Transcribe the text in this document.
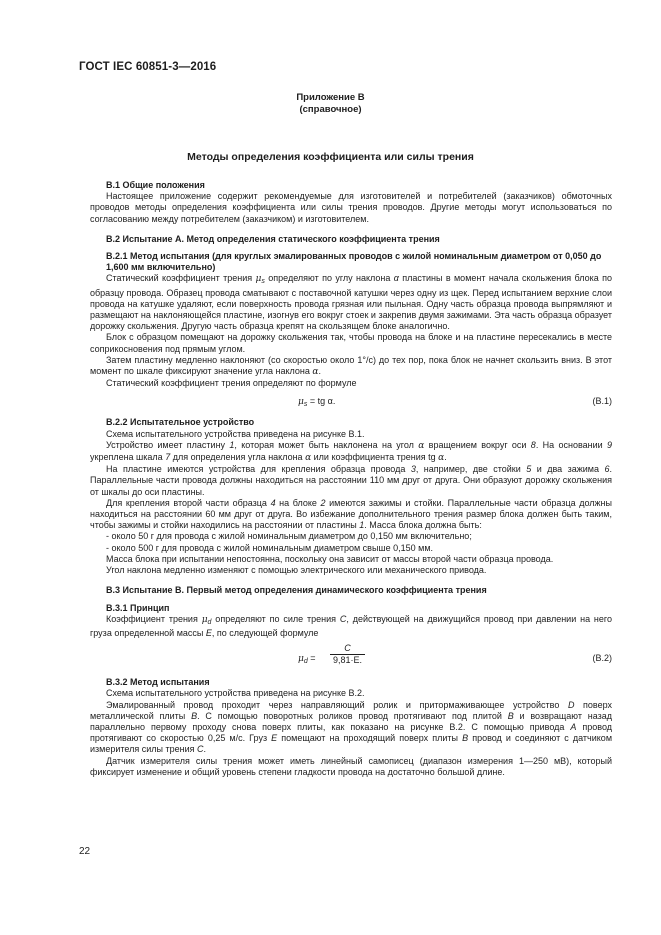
ГОСТ IEC 60851-3—2016
Приложение В
(справочное)
Методы определения коэффициента или силы трения
В.1 Общие положения

Настоящее приложение содержит рекомендуемые для изготовителей и потребителей (заказчиков) обмоточных проводов методы определения коэффициента или силы трения проводов. Другие методы могут использоваться по согласованию между потребителем (заказчиком) и изготовителем.

В.2 Испытание А. Метод определения статического коэффициента трения
В.2.1 Метод испытания (для круглых эмалированных проводов с жилой номинальным диаметром от 0,050 до 1,600 мм включительно)

Статический коэффициент трения $\mu_s$ определяют по углу наклона α пластины в момент начала скольжения блока по образцу провода. Образец провода сматывают с поставочной катушки через одну из щек. Перед испытанием верхние слои провода на катушке удаляют, если поверхность провода грязная или пыльная. Одну часть образца провода выпрямляют и размещают на наклоняющейся пластине, изогнув его вокруг стоек и закрепив двумя зажимами. Эта часть образца образует дорожку скольжения. Другую часть образца крепят на скользящем блоке аналогично.

Блок с образцом помещают на дорожку скольжения так, чтобы провода на блоке и на пластине пересекались в месте соприкосновения под прямым углом.

Затем пластину медленно наклоняют (со скоростью около 1°/с) до тех пор, пока блок не начнет скользить вниз. В этот момент по шкале фиксируют значение угла наклона α.

Статический коэффициент трения определяют по формуле

$\mu_s$ = tg α.	(В.1)
В.2.2 Испытательное устройство

Схема испытательного устройства приведена на рисунке В.1.

Устройство имеет пластину 1, которая может быть наклонена на угол α вращением вокруг оси 8. На основании 9 укреплена шкала 7 для определения угла наклона α или коэффициента трения tg α.

На пластине имеются устройства для крепления образца провода 3, например, две стойки 5 и два зажима 6. Параллельные части провода должны находиться на расстоянии 110 мм друг от друга. Они образуют дорожку скольжения от шкалы до оси пластины.

Для крепления второй части образца 4 на блоке 2 имеются зажимы и стойки. Параллельные части образца должны находиться на расстоянии 60 мм друг от друга. Во избежание дополнительного трения размер блока должен быть таким, чтобы зажимы и стойки находились на расстоянии от пластины 1. Масса блока должна быть:

- около 50 г для провода с жилой номинальным диаметром до 0,150 мм включительно;

- около 500 г для провода с жилой номинальным диаметром свыше 0,150 мм.

Масса блока при испытании непостоянна, поскольку она зависит от массы второй части образца провода.

Угол наклона медленно изменяют с помощью электрического или механического привода.

В.3 Испытание В. Первый метод определения динамического коэффициента трения
В.3.1 Принцип

Коэффициент трения $\mu_d$ определяют по силе трения C, действующей на движущийся провод при давлении на него груза определенной массы E, по следующей формуле

$\mu_d = \frac{C}{9,81\cdot E.}$	(В.2)
В.3.2 Метод испытания

Схема испытательного устройства приведена на рисунке В.2.

Эмалированный провод проходит через направляющий ролик и притормаживающее устройство D поверх металлической плиты B. С помощью поворотных роликов провод протягивают под плитой B и возвращают назад параллельно первому проходу снова поверх плиты, как показано на рисунке В.2. С помощью привода A провод протягивают со скоростью 0,25 м/с. Груз E помещают на проходящий поверх плиты B провод и соединяют с датчиком измерителя силы трения C.

Датчик измерителя силы трения может иметь линейный самописец (диапазон измерения 1—250 мВ), который фиксирует изменение и общий уровень степени гладкости провода на достаточно большой длине.

22
